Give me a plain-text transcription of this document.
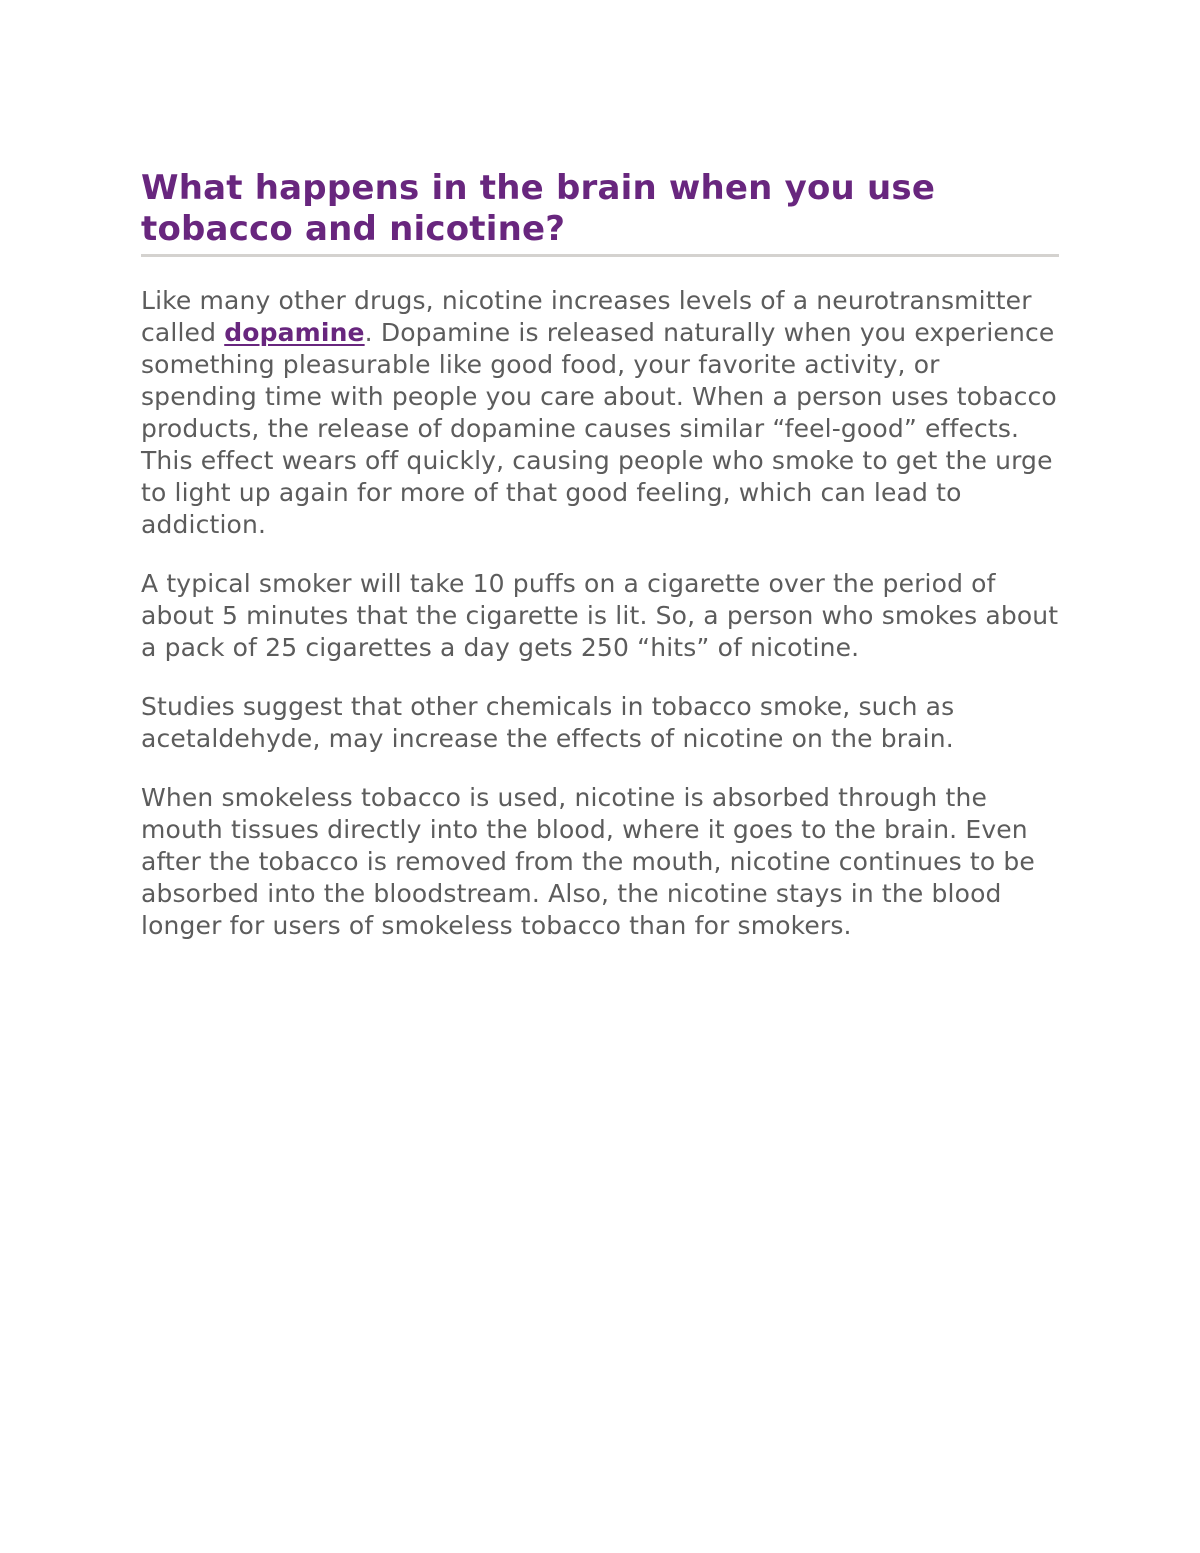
What happens in the brain when you use tobacco and nicotine?

Like many other drugs, nicotine increases levels of a neurotransmitter called dopamine. Dopamine is released naturally when you experience something pleasurable like good food, your favorite activity, or spending time with people you care about. When a person uses tobacco products, the release of dopamine causes similar “feel-good” effects. This effect wears off quickly, causing people who smoke to get the urge to light up again for more of that good feeling, which can lead to addiction.

A typical smoker will take 10 puffs on a cigarette over the period of about 5 minutes that the cigarette is lit. So, a person who smokes about a pack of 25 cigarettes a day gets 250 “hits” of nicotine.

Studies suggest that other chemicals in tobacco smoke, such as acetaldehyde, may increase the effects of nicotine on the brain.

When smokeless tobacco is used, nicotine is absorbed through the mouth tissues directly into the blood, where it goes to the brain. Even after the tobacco is removed from the mouth, nicotine continues to be absorbed into the bloodstream. Also, the nicotine stays in the blood longer for users of smokeless tobacco than for smokers.
